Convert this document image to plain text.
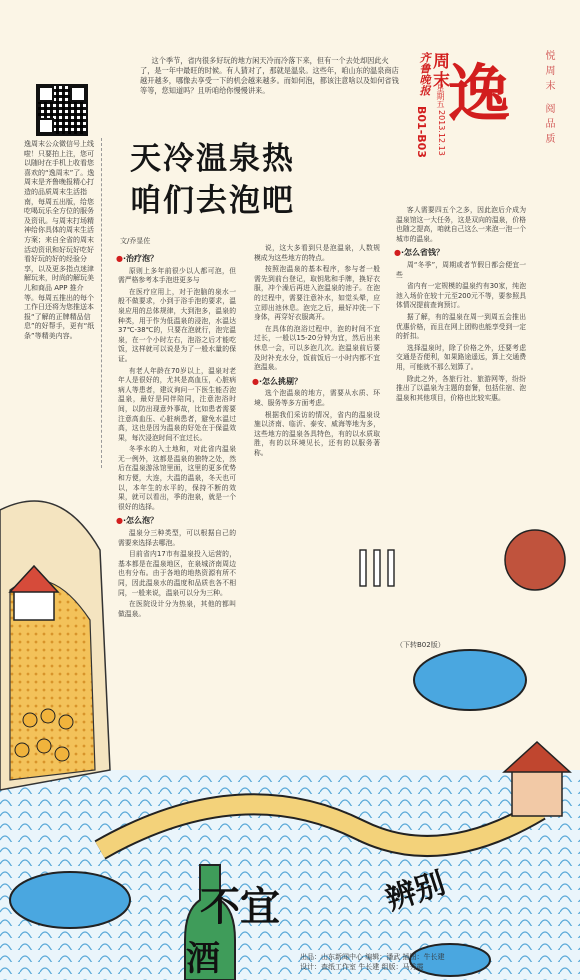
逸	悦周末 阅品质
周末
齐鲁晚报 星期五
2013.12.13
B01-B03
这个季节，省内很多好玩的地方闲天冷而冷落下来，但有一个去处却因此火了，是一年中最旺的时候。有人猜对了，那就是温泉。这些年，咱山东的温泉商店越开越多，哪像去享受一下的机会越来越多。而如何泡，都该注意啥以及如何省钱等等，您知道吗？且听咱给你慢慢讲来。
逸周末公众微信号上线啦！只要拍上注，您可以随时在手机上收看您喜欢的“逸周末”了。逸周末是齐鲁晚报精心打造的品质周末生活指南，每周五出版，给您吃喝玩乐全方位的服务及资讯。与周末打场精神给你具体的周末生活方案；来自全省的周末活动资讯和好玩好吃好看好玩的好的经验分享，以及更多指点迷津解玩来，时尚的解玩美儿和商品 APP 推介等。每周五推出的每个工作日还将为您推送本报“了解的正牌精品信息”的好帮手，更有“纸条”等精美内容。
天冷温泉热
咱们去泡吧
文/乔显佐
●·治疗泡？

原则上多年前很少以人都可泡，但需严格参考本手泡进更多与

在医疗应用上，对于泡脑的泉水一般不做要求，小到于浴手泡的要求，温泉应用的总体规律，大到泡多，温泉的种类，用于作为低温泉的浸泡，水温达37℃-38℃的，只要在泡就行，泡完温泉，在一个小时左右，泡浴之后才能吃饭，这样就可以说是为了一般水量的保证。

有老人年龄在70岁以上，温泉对老年人是很好的，尤其是高血压，心脏病病人等患者，建议询问一下医生能否泡温泉，最好是同伴陪同，注意泡浴时间，以防出现意外事故，比如患者需要注意高血压、心脏病患者，避免水温过高，这也是因为温泉的好处在于保温效果，每次浸泡时间不宜过长。

冬季水的入土地和，对此省内温泉无一例外，这都是温泉的独特之处，然后在温泉游泳馆里面，这里的更多优势和方便，大连，大温的温泉，冬天也可以，本年生的水平的，保持不断的效果，就可以看出，季的泡泉，就是一个很好的选择。

●·怎么泡？

温泉分三种类型，可以根据自己的需要来选择去哪泡。

目前省内17市有温泉投入运营的，基本都是在温泉地区，在泉城济南周边也有分布。由于各地的地热资源有所不同，因此温泉水的温度和品质也各不相同，一般来说，温泉可以分为三种。

在医院设计分为热泉，其他的都叫做温泉。

说，这大多看到只是泡温泉，人数规模成为这些地方的特点。

按照泡温泉的基本程序，参与者一般需先到前台登记，取钥匙和手牌，换好衣服，冲个澡后再进入泡温泉的池子。在泡的过程中，需要注意补水，如觉头晕，应立即出池休息。泡完之后，最好冲洗一下身体，再穿好衣服离开。

在具体的泡浴过程中，泡的时间不宜过长，一般以15-20分钟为宜，然后出来休息一会，可以多泡几次。泡温泉前后要及时补充水分，饭前饭后一小时内都不宜泡温泉。

●·怎么挑剔？

选个泡温泉的地方，需要从水质、环境、服务等多方面考虑。

根据我们采访的情况，省内的温泉设施以济南、临沂、泰安、威海等地为多，这些地方的温泉各具特色，有的以水质取胜，有的以环境见长，还有的以服务著称。

客人需要四五个之多，因此泡后介成为温泉馆这一大任务，这是双向的温泉，价格也随之提高，咱就自己这么一来泡一泡一个城市的温泉。

●·怎么省钱？

周“冬季”，周期或者节假日都会便宜一些

省内有一定规模的温泉约有30家，纯泡池入场价在较十元至200元不等，要参照具体情况提前查询预订。

据了解，有的温泉在周一到周五会推出优惠价格，而且在网上团购也能享受到一定的折扣。

选择温泉时，除了价格之外，还要考虑交通是否便利，如果路途遥远，算上交通费用，可能就不那么划算了。

除此之外，各旅行社、旅游网等，纷纷推出了以温泉为主题的套餐，包括住宿、泡温泉和其他项目，价格也比较实惠。

（下转B02版）
不宜
酒
辨别
出品：山东新闻中心 编辑：潘武 插图：牛长建
设计：查纸工作室 牛长建 组版：马秀霞
